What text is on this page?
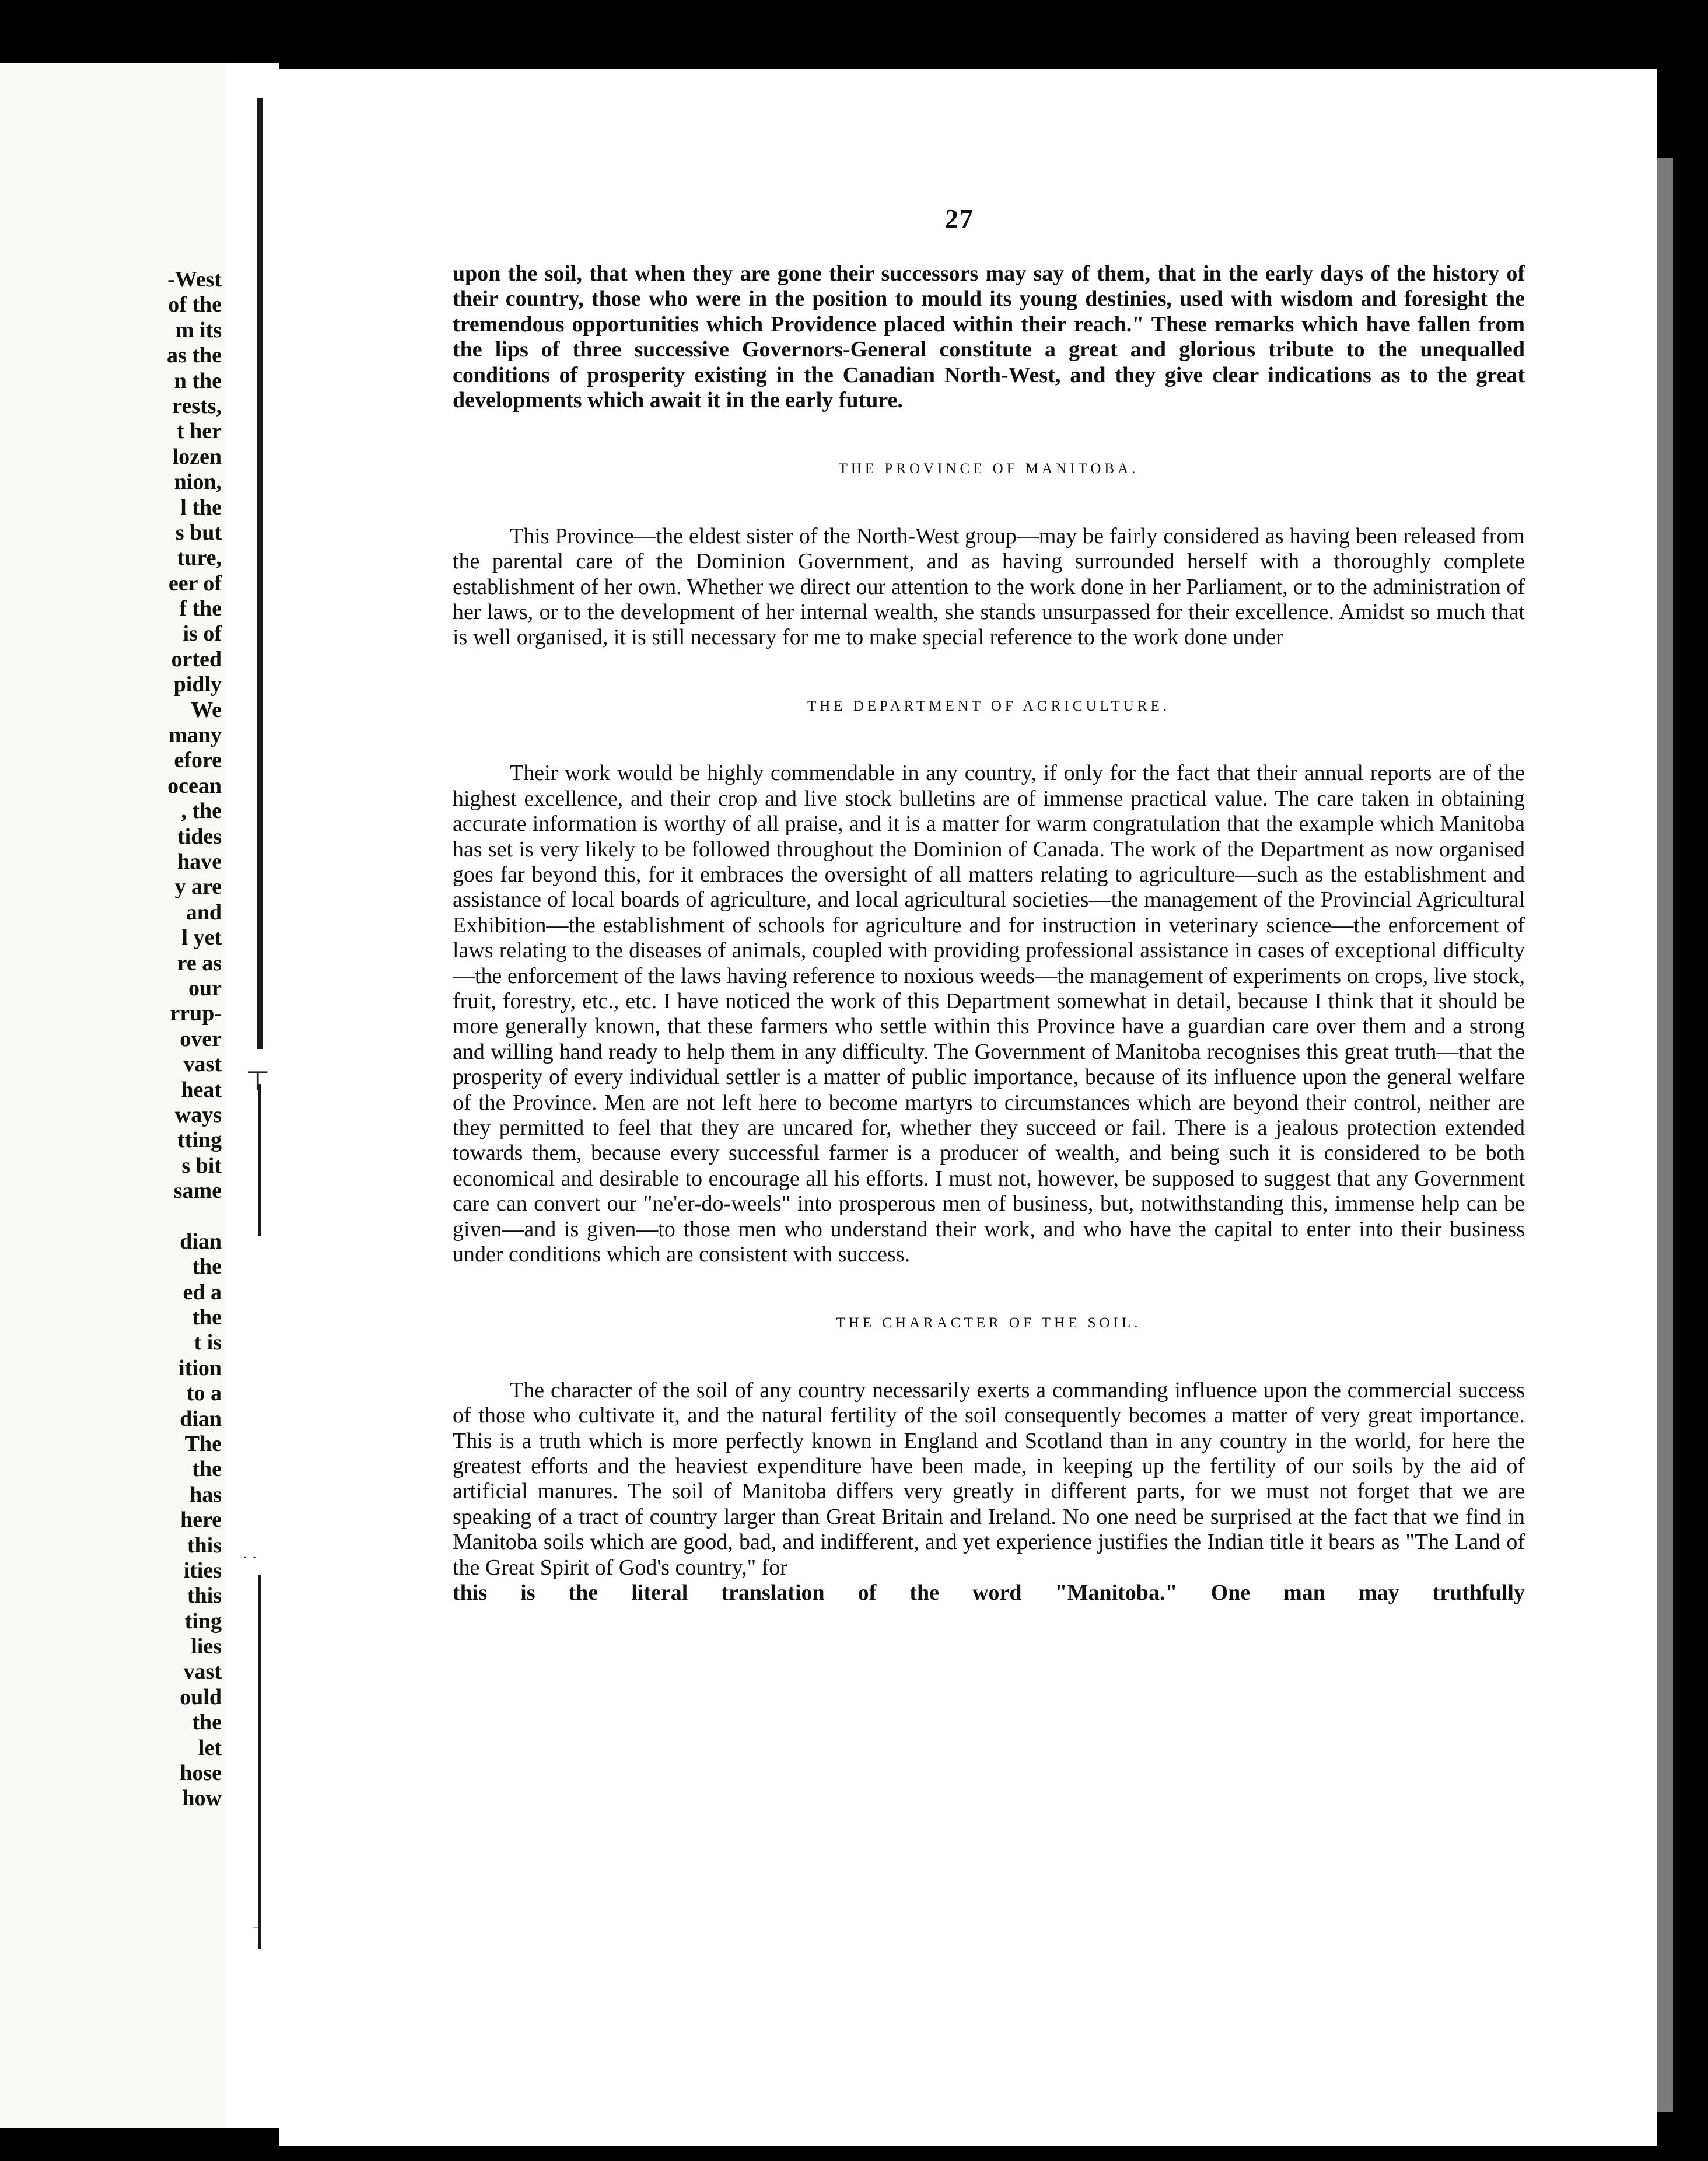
-West
of the
m its
as the
n the
rests,
t her
lozen
nion,
l the
s but
ture,
eer of
f the
is of
orted
pidly
We
many
efore
ocean
, the
tides
have
y are
and
l yet
re as
our
rrup-
over
vast
heat
ways
tting
s bit
same
dian
the
ed a
the
t is
ition
to a
dian
The
the
has
here
this
ities
this
ting
lies
vast
ould
the
let
hose
how
⊤
· ·
¬
27

upon the soil, that when they are gone their successors may say of them, that in the early days of the history of their country, those who were in the position to mould its young destinies, used with wisdom and foresight the tremendous opportunities which Providence placed within their reach." These remarks which have fallen from the lips of three successive Governors-General constitute a great and glorious tribute to the unequalled conditions of prosperity existing in the Canadian North-West, and they give clear indications as to the great developments which await it in the early future.

THE PROVINCE OF MANITOBA.

This Province—the eldest sister of the North-West group—may be fairly considered as having been released from the parental care of the Dominion Government, and as having surrounded herself with a thoroughly complete establishment of her own. Whether we direct our attention to the work done in her Parliament, or to the administration of her laws, or to the development of her internal wealth, she stands unsurpassed for their excellence. Amidst so much that is well organised, it is still necessary for me to make special reference to the work done under

THE DEPARTMENT OF AGRICULTURE.

Their work would be highly commendable in any country, if only for the fact that their annual reports are of the highest excellence, and their crop and live stock bulletins are of immense practical value. The care taken in obtaining accurate information is worthy of all praise, and it is a matter for warm congratulation that the example which Manitoba has set is very likely to be followed throughout the Dominion of Canada. The work of the Department as now organised goes far beyond this, for it embraces the oversight of all matters relating to agriculture—such as the establishment and assistance of local boards of agriculture, and local agricultural societies—the management of the Provincial Agricultural Exhibition—the establishment of schools for agriculture and for instruction in veterinary science—the enforcement of laws relating to the diseases of animals, coupled with providing professional assistance in cases of exceptional difficulty—the enforcement of the laws having reference to noxious weeds—the management of experiments on crops, live stock, fruit, forestry, etc., etc. I have noticed the work of this Department somewhat in detail, because I think that it should be more generally known, that these farmers who settle within this Province have a guardian care over them and a strong and willing hand ready to help them in any difficulty. The Government of Manitoba recognises this great truth—that the prosperity of every individual settler is a matter of public importance, because of its influence upon the general welfare of the Province. Men are not left here to become martyrs to circumstances which are beyond their control, neither are they permitted to feel that they are uncared for, whether they succeed or fail. There is a jealous protection extended towards them, because every successful farmer is a producer of wealth, and being such it is considered to be both economical and desirable to encourage all his efforts. I must not, however, be supposed to suggest that any Government care can convert our "ne'er-do-weels" into prosperous men of business, but, notwithstanding this, immense help can be given—and is given—to those men who understand their work, and who have the capital to enter into their business under conditions which are consistent with success.

THE CHARACTER OF THE SOIL.

The character of the soil of any country necessarily exerts a commanding influence upon the commercial success of those who cultivate it, and the natural fertility of the soil consequently becomes a matter of very great importance. This is a truth which is more perfectly known in England and Scotland than in any country in the world, for here the greatest efforts and the heaviest expenditure have been made, in keeping up the fertility of our soils by the aid of artificial manures. The soil of Manitoba differs very greatly in different parts, for we must not forget that we are speaking of a tract of country larger than Great Britain and Ireland. No one need be surprised at the fact that we find in Manitoba soils which are good, bad, and indifferent, and yet experience justifies the Indian title it bears as "The Land of the Great Spirit of God's country," for

this is the literal translation of the word "Manitoba." One man may truthfully
